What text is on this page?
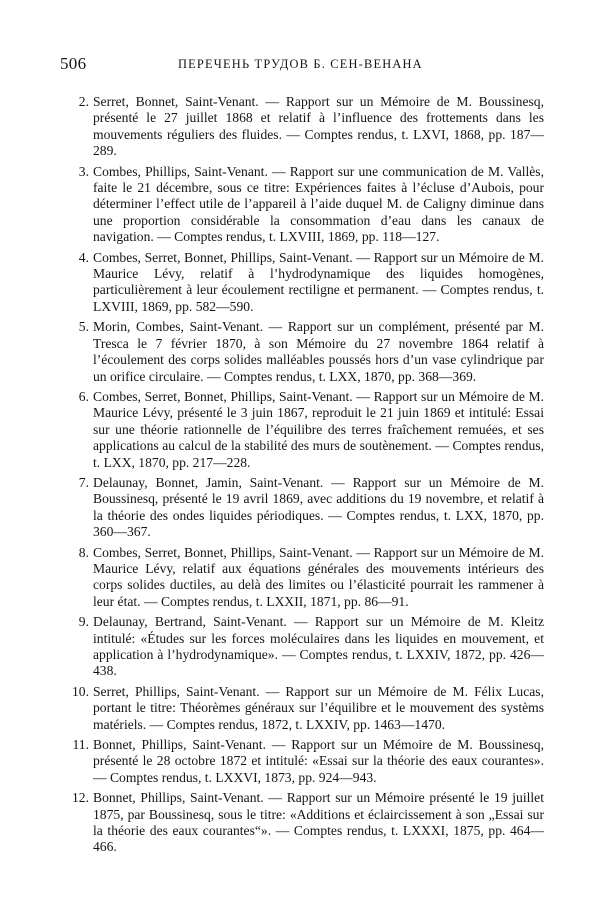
506	ПЕРЕЧЕНЬ ТРУДОВ Б. СЕН-ВЕНАНА
2. Serret, Bonnet, Saint-Venant. — Rapport sur un Mémoire de M. Boussinesq, présenté le 27 juillet 1868 et relatif à l’influence des frottements dans les mouvements réguliers des fluides. — Comptes rendus, t. LXVI, 1868, pp. 187—289.
3. Combes, Phillips, Saint-Venant. — Rapport sur une communication de M. Vallès, faite le 21 décembre, sous ce titre: Expériences faites à l’écluse d’Aubois, pour déterminer l’effect utile de l’appareil à l’aide duquel M. de Caligny diminue dans une proportion considérable la consommation d’eau dans les canaux de navigation. — Comptes rendus, t. LXVIII, 1869, pp. 118—127.
4. Combes, Serret, Bonnet, Phillips, Saint-Venant. — Rapport sur un Mémoire de M. Maurice Lévy, relatif à l’hydrodynamique des liquides homogènes, particulièrement à leur écoulement rectiligne et permanent. — Comptes rendus, t. LXVIII, 1869, pp. 582—590.
5. Morin, Combes, Saint-Venant. — Rapport sur un complément, présenté par M. Tresca le 7 février 1870, à son Mémoire du 27 novembre 1864 relatif à l’écoulement des corps solides malléables poussés hors d’un vase cylindrique par un orifice circulaire. — Comptes rendus, t. LXX, 1870, pp. 368—369.
6. Combes, Serret, Bonnet, Phillips, Saint-Venant. — Rapport sur un Mémoire de M. Maurice Lévy, présenté le 3 juin 1867, reproduit le 21 juin 1869 et intitulé: Essai sur une théorie rationnelle de l’équilibre des terres fraîchement remuées, et ses applications au calcul de la stabilité des murs de soutènement. — Comptes rendus, t. LXX, 1870, pp. 217—228.
7. Delaunay, Bonnet, Jamin, Saint-Venant. — Rapport sur un Mémoire de M. Boussinesq, présenté le 19 avril 1869, avec additions du 19 novembre, et relatif à la théorie des ondes liquides périodiques. — Comptes rendus, t. LXX, 1870, pp. 360—367.
8. Combes, Serret, Bonnet, Phillips, Saint-Venant. — Rapport sur un Mémoire de M. Maurice Lévy, relatif aux équations générales des mouvements intérieurs des corps solides ductiles, au delà des limites ou l’élasticité pourrait les rammener à leur état. — Comptes rendus, t. LXXII, 1871, pp. 86—91.
9. Delaunay, Bertrand, Saint-Venant. — Rapport sur un Mémoire de M. Kleitz intitulé: «Études sur les forces moléculaires dans les liquides en mouvement, et application à l’hydrodynamique». — Comptes rendus, t. LXXIV, 1872, pp. 426—438.
10. Serret, Phillips, Saint-Venant. — Rapport sur un Mémoire de M. Félix Lucas, portant le titre: Théorèmes généraux sur l’équilibre et le mouvement des systèms matériels. — Comptes rendus, 1872, t. LXXIV, pp. 1463—1470.
11. Bonnet, Phillips, Saint-Venant. — Rapport sur un Mémoire de M. Boussinesq, présenté le 28 octobre 1872 et intitulé: «Essai sur la théorie des eaux courantes». — Comptes rendus, t. LXXVI, 1873, pp. 924—943.
12. Bonnet, Phillips, Saint-Venant. — Rapport sur un Mémoire présenté le 19 juillet 1875, par Boussinesq, sous le titre: «Additions et éclaircissement à son „Essai sur la théorie des eaux courantes“». — Comptes rendus, t. LXXXI, 1875, pp. 464—466.
